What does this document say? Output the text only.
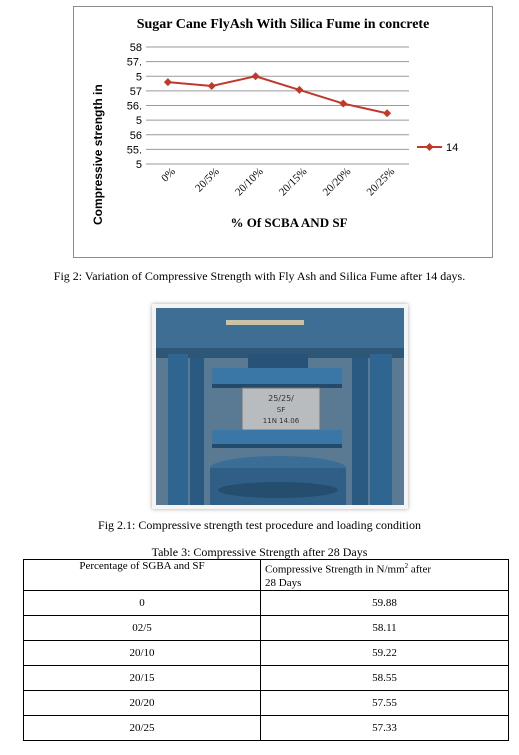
Sugar Cane FlyAsh With Silica Fume in concrete
58
57.
5
57
56.
5
56
55.
5
0% 20/5% 20/10% 20/15% 20/20% 20/25%
Compressive strength in	% Of SCBA AND SF
14
Fig 2: Variation of Compressive Strength with Fly Ash and Silica Fume after 14 days.
25/25/
SF
11N 14.06
Fig 2.1: Compressive strength test procedure and loading condition
Table 3: Compressive Strength after 28 Days
Percentage of SGBA and SF	Compressive Strength in $N/mm^2$ after
28 Days
0	59.88
02/5	58.11
20/10	59.22
20/15	58.55
20/20	57.55
20/25	57.33
